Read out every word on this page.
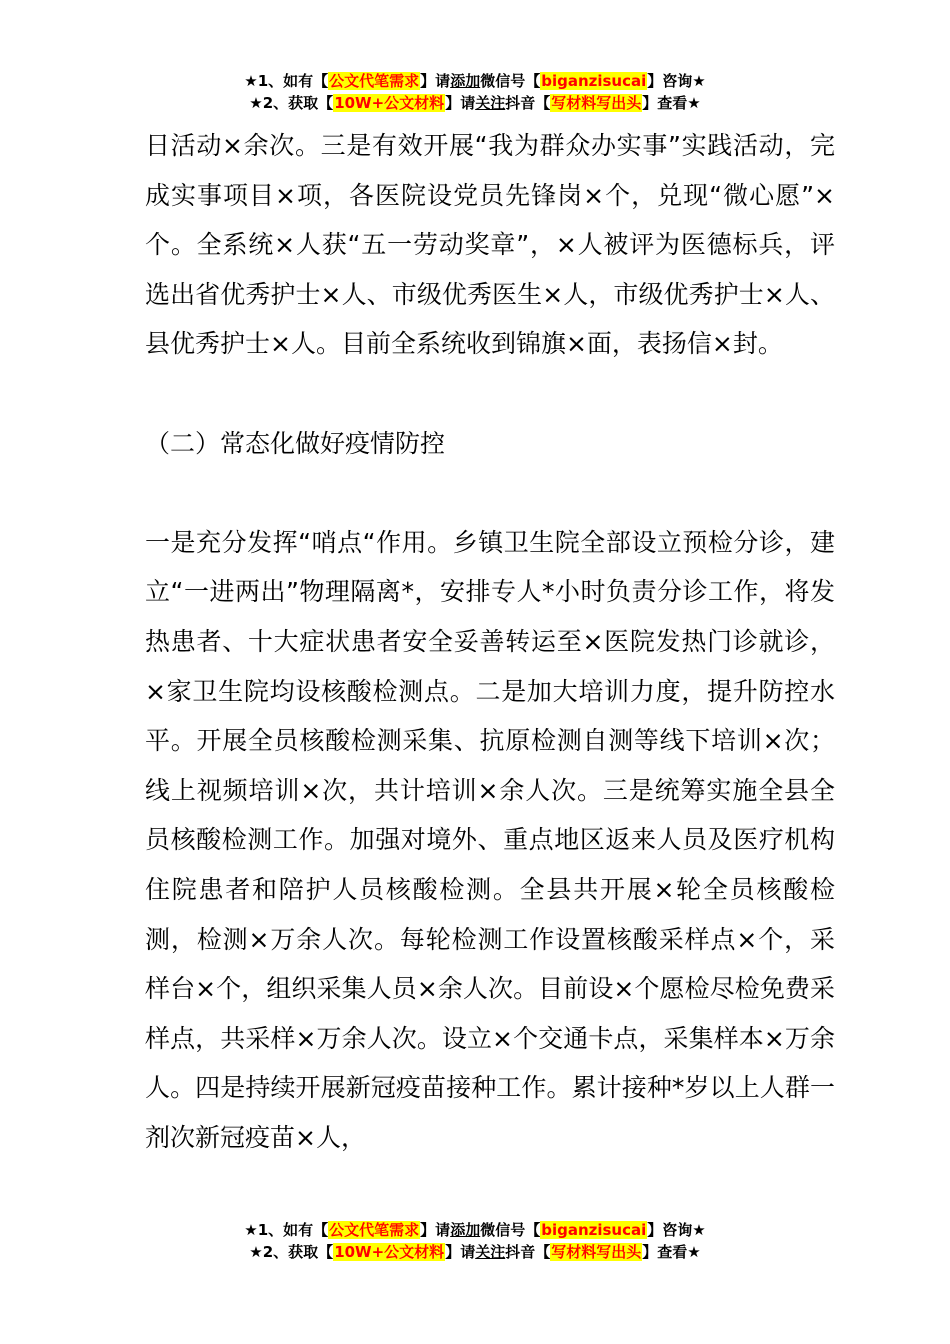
★1、如有【公文代笔需求】请添加微信号【biganzisucai】咨询★
★2、获取【10W+公文材料】请关注抖音【写材料写出头】查看★

日活动×余次。三是有效开展“我为群众办实事”实践活动，完成实事项目×项，各医院设党员先锋岗×个，兑现“微心愿”×个。全系统×人获“五一劳动奖章”，×人被评为医德标兵，评选出省优秀护士×人、市级优秀医生×人，市级优秀护士×人、县优秀护士×人。目前全系统收到锦旗×面，表扬信×封。

（二）常态化做好疫情防控

一是充分发挥“哨点“作用。乡镇卫生院全部设立预检分诊，建立“一进两出”物理隔离*，安排专人*小时负责分诊工作，将发热患者、十大症状患者安全妥善转运至×医院发热门诊就诊，×家卫生院均设核酸检测点。二是加大培训力度，提升防控水平。开展全员核酸检测采集、抗原检测自测等线下培训×次；线上视频培训×次，共计培训×余人次。三是统筹实施全县全员核酸检测工作。加强对境外、重点地区返来人员及医疗机构住院患者和陪护人员核酸检测。全县共开展×轮全员核酸检测，检测×万余人次。每轮检测工作设置核酸采样点×个，采样台×个，组织采集人员×余人次。目前设×个愿检尽检免费采样点，共采样×万余人次。设立×个交通卡点，采集样本×万余人。四是持续开展新冠疫苗接种工作。累计接种*岁以上人群一剂次新冠疫苗×人，

★1、如有【公文代笔需求】请添加微信号【biganzisucai】咨询★
★2、获取【10W+公文材料】请关注抖音【写材料写出头】查看★
